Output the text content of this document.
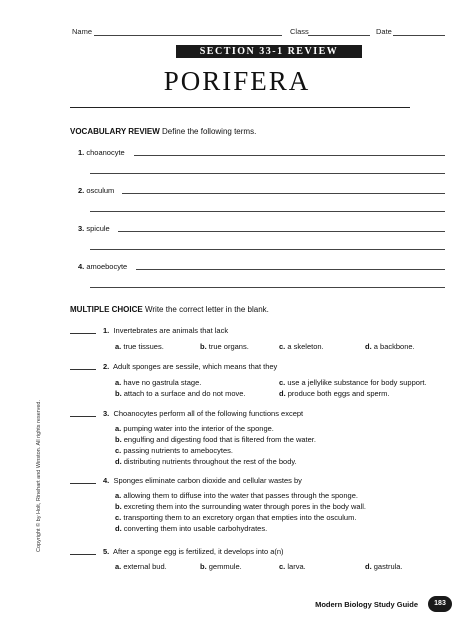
Name	Class	Date
SECTION 33-1 REVIEW
PORIFERA
VOCABULARY REVIEW Define the following terms.
1. choanocyte
2. osculum
3. spicule
4. amoebocyte
MULTIPLE CHOICE Write the correct letter in the blank.
1. Invertebrates are animals that lack
a. true tissues.	b. true organs.	c. a skeleton.	d. a backbone.
2. Adult sponges are sessile, which means that they
a. have no gastrula stage.	c. use a jellylike substance for body support.
b. attach to a surface and do not move.	d. produce both eggs and sperm.
3. Choanocytes perform all of the following functions except
a. pumping water into the interior of the sponge.
b. engulfing and digesting food that is filtered from the water.
c. passing nutrients to amebocytes.
d. distributing nutrients throughout the rest of the body.
4. Sponges eliminate carbon dioxide and cellular wastes by
a. allowing them to diffuse into the water that passes through the sponge.
b. excreting them into the surrounding water through pores in the body wall.
c. transporting them to an excretory organ that empties into the osculum.
d. converting them into usable carbohydrates.
5. After a sponge egg is fertilized, it develops into a(n)
a. external bud.	b. gemmule.	c. larva.	d. gastrula.
Copyright © by Holt, Rinehart and Winston. All rights reserved.
Modern Biology Study Guide	183
